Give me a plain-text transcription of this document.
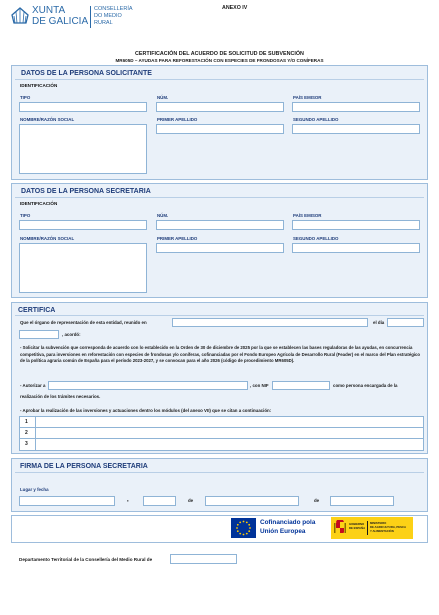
XUNTA
DE GALICIA
CONSELLERÍA
DO MEDIO
RURAL
ANEXO IV
CERTIFICACIÓN DEL ACUERDO DE SOLICITUD DE SUBVENCIÓN
MR605D – AYUDAS PARA REFORESTACIÓN CON ESPECIES DE FRONDOSAS Y/O CONÍFERAS
DATOS DE LA PERSONA SOLICITANTE
IDENTIFICACIÓN
TIPO	NÚM.	PAÍS EMISOR
NOMBRE/RAZÓN SOCIAL	PRIMER APELLIDO	SEGUNDO APELLIDO
DATOS DE LA PERSONA SECRETARIA
IDENTIFICACIÓN
TIPO	NÚM.	PAÍS EMISOR
NOMBRE/RAZÓN SOCIAL	PRIMER APELLIDO	SEGUNDO APELLIDO
CERTIFICA
Que el órgano de representación de esta entidad, reunido en	el día
, acordó:
- Solicitar la subvención que corresponda de acuerdo con lo establecido en la Orden de 30 de diciembre de 2025 por la que se establecen las bases reguladoras de las ayudas, en concurrencia competitiva, para inversiones en reforestación con especies de frondosas y/o coníferas, cofinanciadas por el Fondo Europeo Agrícola de Desarrollo Rural (Feader) en el marco del Plan estratégico de la política agraria común de España para el período 2023-2027, y se convocan para el año 2026 (código de procedimiento MR605D).
- Autorizar a	, con NIF	como persona encargada de la
realización de los trámites necesarios.
- Aprobar la realización de las inversiones y actuaciones dentro los módulos (del anexo VII) que se citan a continuación:
1
2
3
FIRMA DE LA PERSONA SECRETARIA
Lugar y fecha
,	de	de
Cofinanciado pola
Unión Europea
GOBIERNO
DE ESPAÑA
MINISTERIO
DE AGRICULTURA, PESCA
Y ALIMENTACIÓN
Departamento Territorial de la Consellería del Medio Rural de
